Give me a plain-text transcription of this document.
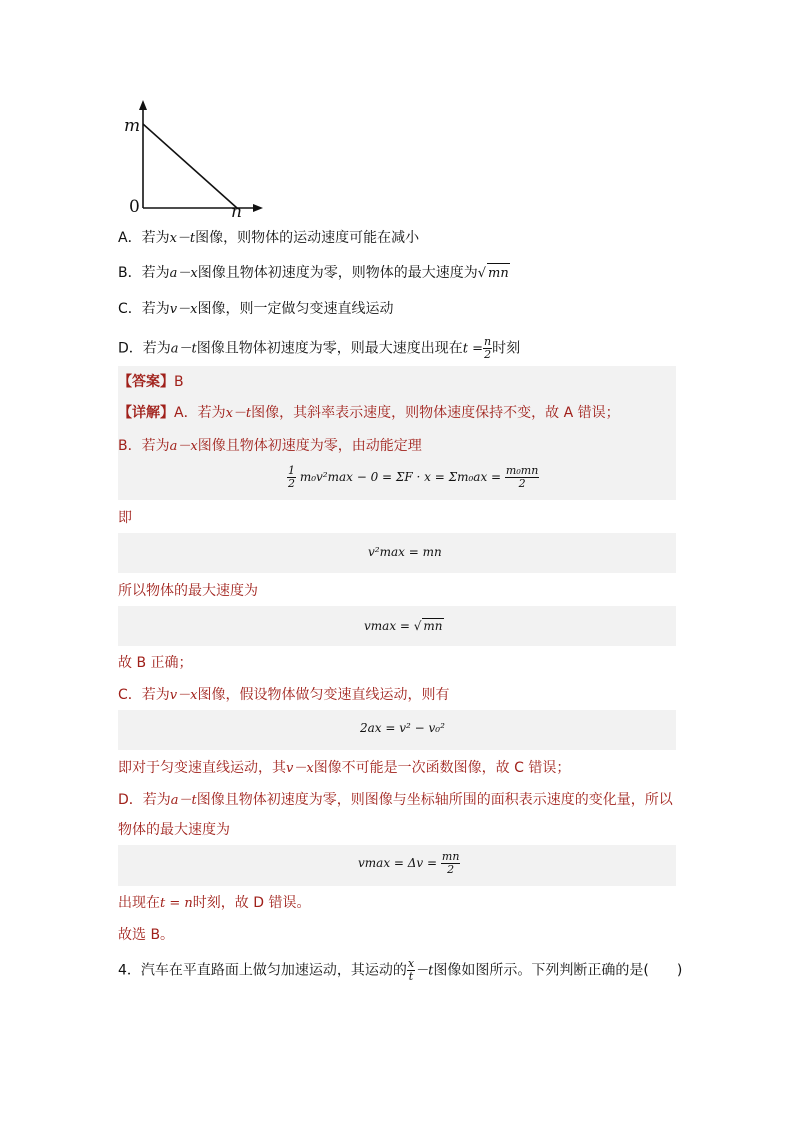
m
n
0
A．若为x－t图像，则物体的运动速度可能在减小
B．若为a－x图像且物体初速度为零，则物体的最大速度为√ mn
C．若为v－x图像，则一定做匀变速直线运动
D．若为a－t图像且物体初速度为零，则最大速度出现在$t = \frac{n}{2}$ 时刻
【答案】B
【详解】A．若为x－t图像，其斜率表示速度，则物体速度保持不变，故 A 错误；
B．若为a－x图像且物体初速度为零，由动能定理
$\frac{1}{2} m_0v^2\max - 0 = \Sigma F \cdot x = \Sigma m_0ax = \frac{\text{m₀mn}}{2}$
即
v²max = mn
所以物体的最大速度为
vmax = √ mn
故 B 正确；
C．若为v－x图像，假设物体做匀变速直线运动，则有
2ax = v² − v₀²
即对于匀变速直线运动，其v－x图像不可能是一次函数图像，故 C 错误；
D．若为a－t图像且物体初速度为零，则图像与坐标轴所围的面积表示速度的变化量，所以
物体的最大速度为
$vmax = \Delta v = \frac{mn}{2}$
出现在t = n时刻，故 D 错误。
故选 B。
4．汽车在平直路面上做匀加速运动，其运动的 $\frac{x}{t} -t$图像如图所示。下列判断正确的是(　　)
